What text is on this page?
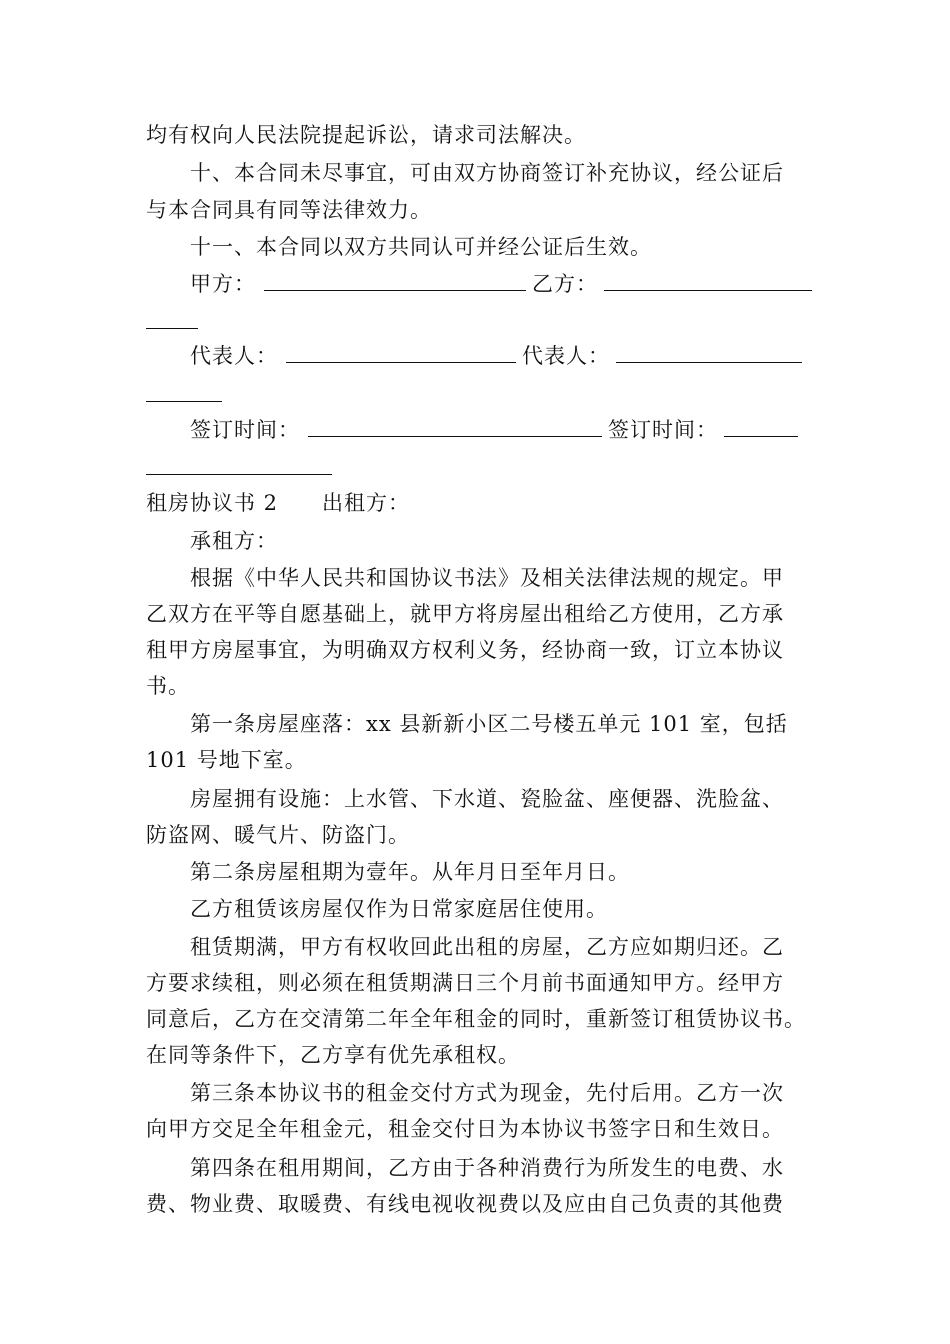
均有权向人民法院提起诉讼，请求司法解决。
十、本合同未尽事宜，可由双方协商签订补充协议，经公证后
与本合同具有同等法律效力。
十一、本合同以双方共同认可并经公证后生效。
甲方：	乙方：
代表人：	代表人：
签订时间：	签订时间：
租房协议书 2　　出租方：
承租方：
根据《中华人民共和国协议书法》及相关法律法规的规定。甲
乙双方在平等自愿基础上，就甲方将房屋出租给乙方使用，乙方承
租甲方房屋事宜，为明确双方权利义务，经协商一致，订立本协议
书。
第一条房屋座落：xx 县新新小区二号楼五单元 101 室，包括
101 号地下室。
房屋拥有设施：上水管、下水道、瓷脸盆、座便器、洗脸盆、
防盗网、暖气片、防盗门。
第二条房屋租期为壹年。从年月日至年月日。
乙方租赁该房屋仅作为日常家庭居住使用。
租赁期满，甲方有权收回此出租的房屋，乙方应如期归还。乙
方要求续租，则必须在租赁期满日三个月前书面通知甲方。经甲方
同意后，乙方在交清第二年全年租金的同时，重新签订租赁协议书。
在同等条件下，乙方享有优先承租权。
第三条本协议书的租金交付方式为现金，先付后用。乙方一次
向甲方交足全年租金元，租金交付日为本协议书签字日和生效日。
第四条在租用期间，乙方由于各种消费行为所发生的电费、水
费、物业费、取暖费、有线电视收视费以及应由自己负责的其他费
